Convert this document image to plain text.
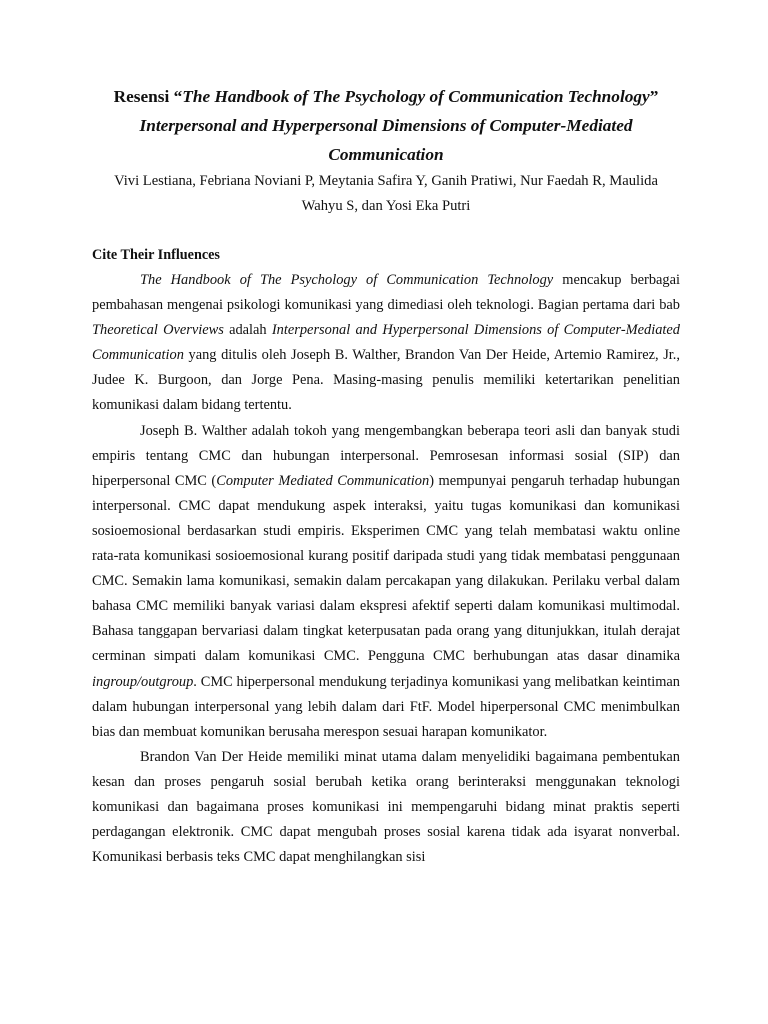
Resensi “The Handbook of The Psychology of Communication Technology”
Interpersonal and Hyperpersonal Dimensions of Computer-Mediated Communication
Vivi Lestiana, Febriana Noviani P, Meytania Safira Y, Ganih Pratiwi, Nur Faedah R, Maulida Wahyu S, dan Yosi Eka Putri
Cite Their Influences

The Handbook of The Psychology of Communication Technology mencakup berbagai pembahasan mengenai psikologi komunikasi yang dimediasi oleh teknologi. Bagian pertama dari bab Theoretical Overviews adalah Interpersonal and Hyperpersonal Dimensions of Computer-Mediated Communication yang ditulis oleh Joseph B. Walther, Brandon Van Der Heide, Artemio Ramirez, Jr., Judee K. Burgoon, dan Jorge Pena. Masing-masing penulis memiliki ketertarikan penelitian komunikasi dalam bidang tertentu.

Joseph B. Walther adalah tokoh yang mengembangkan beberapa teori asli dan banyak studi empiris tentang CMC dan hubungan interpersonal. Pemrosesan informasi sosial (SIP) dan hiperpersonal CMC (Computer Mediated Communication) mempunyai pengaruh terhadap hubungan interpersonal. CMC dapat mendukung aspek interaksi, yaitu tugas komunikasi dan komunikasi sosioemosional berdasarkan studi empiris. Eksperimen CMC yang telah membatasi waktu online rata-rata komunikasi sosioemosional kurang positif daripada studi yang tidak membatasi penggunaan CMC. Semakin lama komunikasi, semakin dalam percakapan yang dilakukan. Perilaku verbal dalam bahasa CMC memiliki banyak variasi dalam ekspresi afektif seperti dalam komunikasi multimodal. Bahasa tanggapan bervariasi dalam tingkat keterpusatan pada orang yang ditunjukkan, itulah derajat cerminan simpati dalam komunikasi CMC. Pengguna CMC berhubungan atas dasar dinamika ingroup/outgroup. CMC hiperpersonal mendukung terjadinya komunikasi yang melibatkan keintiman dalam hubungan interpersonal yang lebih dalam dari FtF. Model hiperpersonal CMC menimbulkan bias dan membuat komunikan berusaha merespon sesuai harapan komunikator.

Brandon Van Der Heide memiliki minat utama dalam menyelidiki bagaimana pembentukan kesan dan proses pengaruh sosial berubah ketika orang berinteraksi menggunakan teknologi komunikasi dan bagaimana proses komunikasi ini mempengaruhi bidang minat praktis seperti perdagangan elektronik. CMC dapat mengubah proses sosial karena tidak ada isyarat nonverbal. Komunikasi berbasis teks CMC dapat menghilangkan sisi
